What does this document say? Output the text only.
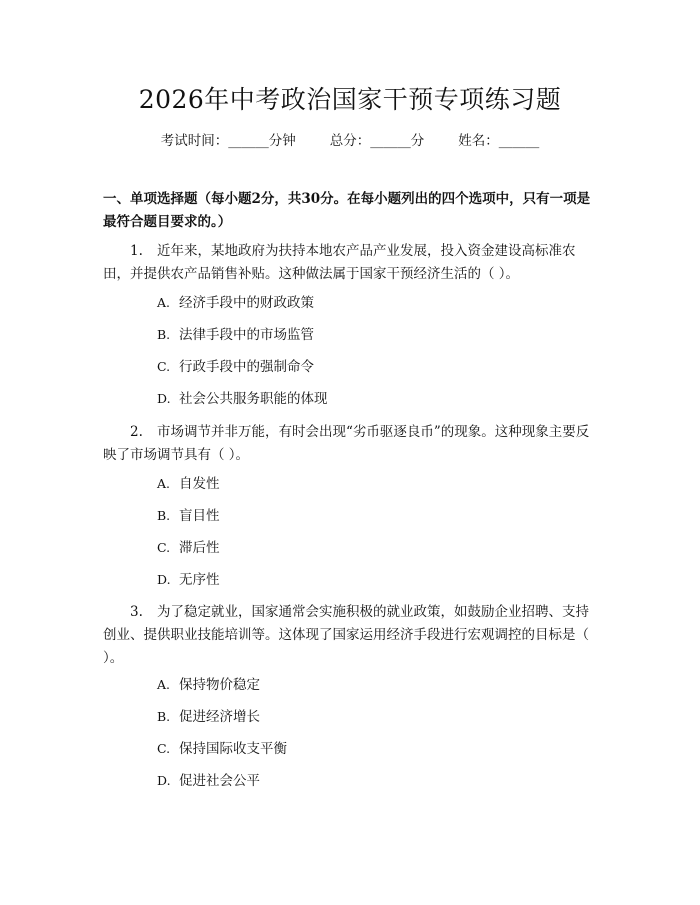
2026年中考政治国家干预专项练习题
考试时间：______分钟	总分：______分	姓名：______
一、单项选择题（每小题2分，共30分。在每小题列出的四个选项中，只有一项是最符合题目要求的。）
1. 近年来，某地政府为扶持本地农产品产业发展，投入资金建设高标准农田，并提供农产品销售补贴。这种做法属于国家干预经济生活的（ ）。
A. 经济手段中的财政政策
B. 法律手段中的市场监管
C. 行政手段中的强制命令
D. 社会公共服务职能的体现
2. 市场调节并非万能，有时会出现“劣币驱逐良币”的现象。这种现象主要反映了市场调节具有（ ）。
A. 自发性
B. 盲目性
C. 滞后性
D. 无序性
3. 为了稳定就业，国家通常会实施积极的就业政策，如鼓励企业招聘、支持创业、提供职业技能培训等。这体现了国家运用经济手段进行宏观调控的目标是（ ）。
A. 保持物价稳定
B. 促进经济增长
C. 保持国际收支平衡
D. 促进社会公平
